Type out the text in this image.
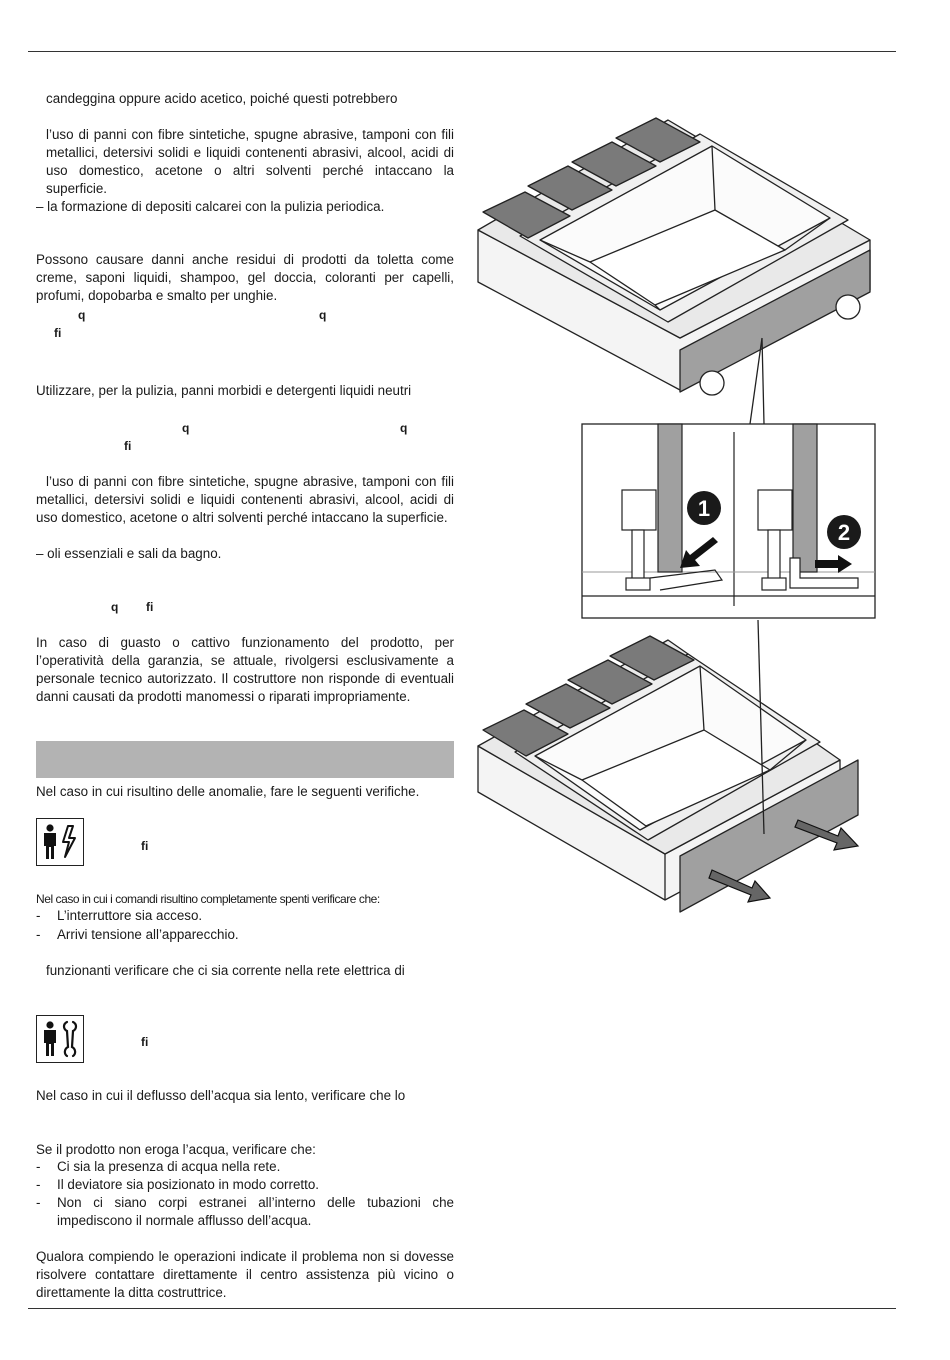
candeggina oppure acido acetico, poiché questi potrebbero
l’uso di panni con fibre sintetiche, spugne abrasive, tamponi con fili metallici, detersivi solidi e liquidi contenenti abrasivi, alcool, acidi di uso domestico, acetone o altri solventi perché intaccano la superficie.
– la formazione di depositi calcarei con la pulizia periodica.
Possono causare danni anche residui di prodotti da toletta come creme, saponi liquidi, shampoo, gel doccia, coloranti per capelli, profumi, dopobarba e smalto per unghie.
q	q
fi
Utilizzare, per la pulizia, panni morbidi e detergenti liquidi neutri
q	q
fi
l’uso di panni con fibre sintetiche, spugne abrasive, tamponi con fili metallici, detersivi solidi e liquidi contenenti abrasivi, alcool, acidi di uso domestico, acetone o altri solventi perché intaccano la superficie.
– oli essenziali e sali da bagno.
q fi
In caso di guasto o cattivo funzionamento del prodotto, per l’operatività della garanzia, se attuale, rivolgersi esclusivamente a personale tecnico autorizzato. Il costruttore non risponde di eventuali danni causati da prodotti manomessi o riparati impropriamente.
Nel caso in cui risultino delle anomalie, fare le seguenti verifiche.
fi
Nel caso in cui i comandi risultino completamente spenti verificare che:
- L’interruttore sia acceso.
- Arrivi tensione all’apparecchio.
funzionanti verificare che ci sia corrente nella rete elettrica di
fi
Nel caso in cui il deflusso dell’acqua sia lento, verificare che lo
Se il prodotto non eroga l’acqua, verificare che:
- Ci sia la presenza di acqua nella rete.
- Il deviatore sia posizionato in modo corretto.
- Non ci siano corpi estranei all’interno delle tubazioni che impediscono il normale afflusso dell’acqua.
Qualora compiendo le operazioni indicate il problema non si dovesse risolvere contattare direttamente il centro assistenza più vicino o direttamente la ditta costruttrice.
1
2
